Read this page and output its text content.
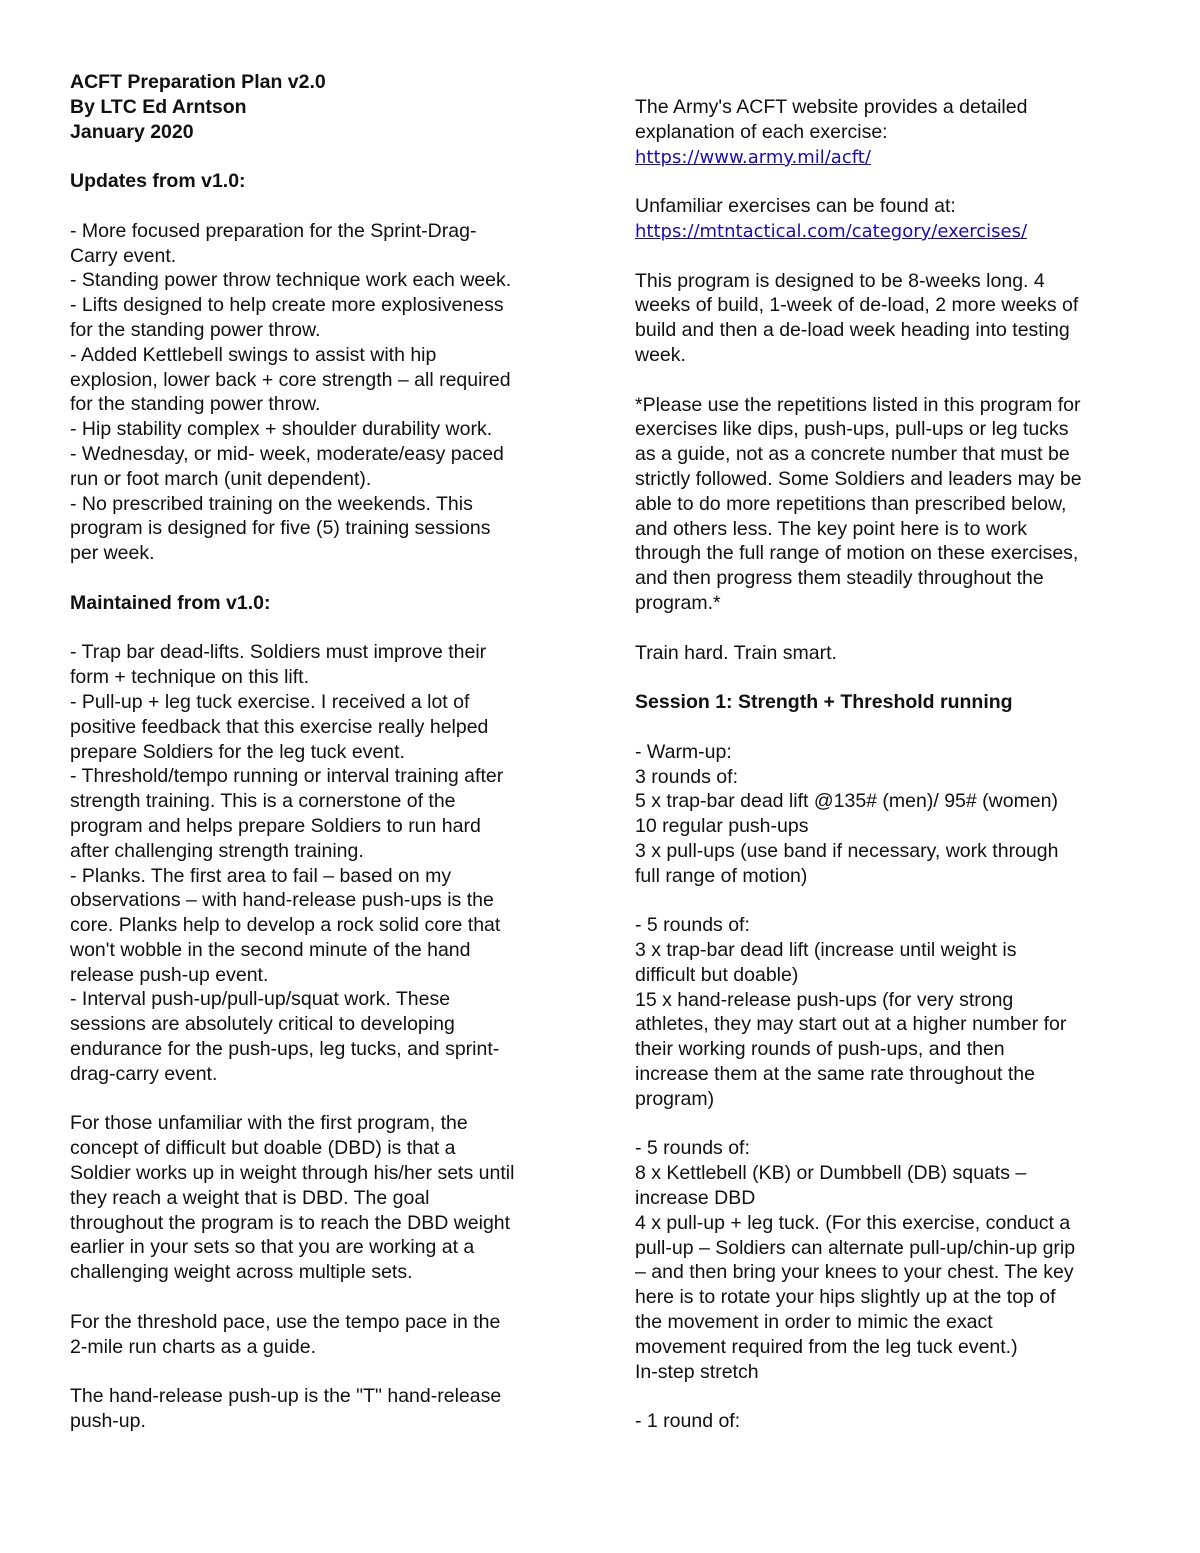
ACFT Preparation Plan v2.0
By LTC Ed Arntson
January 2020
Updates from v1.0:
- More focused preparation for the Sprint-Drag-
Carry event.
- Standing power throw technique work each week.
- Lifts designed to help create more explosiveness
for the standing power throw.
- Added Kettlebell swings to assist with hip
explosion, lower back + core strength – all required
for the standing power throw.
- Hip stability complex + shoulder durability work.
- Wednesday, or mid- week, moderate/easy paced
run or foot march (unit dependent).
- No prescribed training on the weekends. This
program is designed for five (5) training sessions
per week.
Maintained from v1.0:
- Trap bar dead-lifts. Soldiers must improve their
form + technique on this lift.
- Pull-up + leg tuck exercise. I received a lot of
positive feedback that this exercise really helped
prepare Soldiers for the leg tuck event.
- Threshold/tempo running or interval training after
strength training. This is a cornerstone of the
program and helps prepare Soldiers to run hard
after challenging strength training.
- Planks. The first area to fail – based on my
observations – with hand-release push-ups is the
core. Planks help to develop a rock solid core that
won't wobble in the second minute of the hand
release push-up event.
- Interval push-up/pull-up/squat work. These
sessions are absolutely critical to developing
endurance for the push-ups, leg tucks, and sprint-
drag-carry event.
For those unfamiliar with the first program, the
concept of difficult but doable (DBD) is that a
Soldier works up in weight through his/her sets until
they reach a weight that is DBD. The goal
throughout the program is to reach the DBD weight
earlier in your sets so that you are working at a
challenging weight across multiple sets.
For the threshold pace, use the tempo pace in the
2-mile run charts as a guide.
The hand-release push-up is the "T" hand-release
push-up.
The Army's ACFT website provides a detailed
explanation of each exercise:
https://www.army.mil/acft/
Unfamiliar exercises can be found at:
https://mtntactical.com/category/exercises/
This program is designed to be 8-weeks long. 4
weeks of build, 1-week of de-load, 2 more weeks of
build and then a de-load week heading into testing
week.
*Please use the repetitions listed in this program for
exercises like dips, push-ups, pull-ups or leg tucks
as a guide, not as a concrete number that must be
strictly followed. Some Soldiers and leaders may be
able to do more repetitions than prescribed below,
and others less. The key point here is to work
through the full range of motion on these exercises,
and then progress them steadily throughout the
program.*
Train hard. Train smart.
Session 1: Strength + Threshold running
- Warm-up:
3 rounds of:
5 x trap-bar dead lift @135# (men)/ 95# (women)
10 regular push-ups
3 x pull-ups (use band if necessary, work through
full range of motion)
- 5 rounds of:
3 x trap-bar dead lift (increase until weight is
difficult but doable)
15 x hand-release push-ups (for very strong
athletes, they may start out at a higher number for
their working rounds of push-ups, and then
increase them at the same rate throughout the
program)
- 5 rounds of:
8 x Kettlebell (KB) or Dumbbell (DB) squats –
increase DBD
4 x pull-up + leg tuck. (For this exercise, conduct a
pull-up – Soldiers can alternate pull-up/chin-up grip
– and then bring your knees to your chest. The key
here is to rotate your hips slightly up at the top of
the movement in order to mimic the exact
movement required from the leg tuck event.)
In-step stretch
- 1 round of:
